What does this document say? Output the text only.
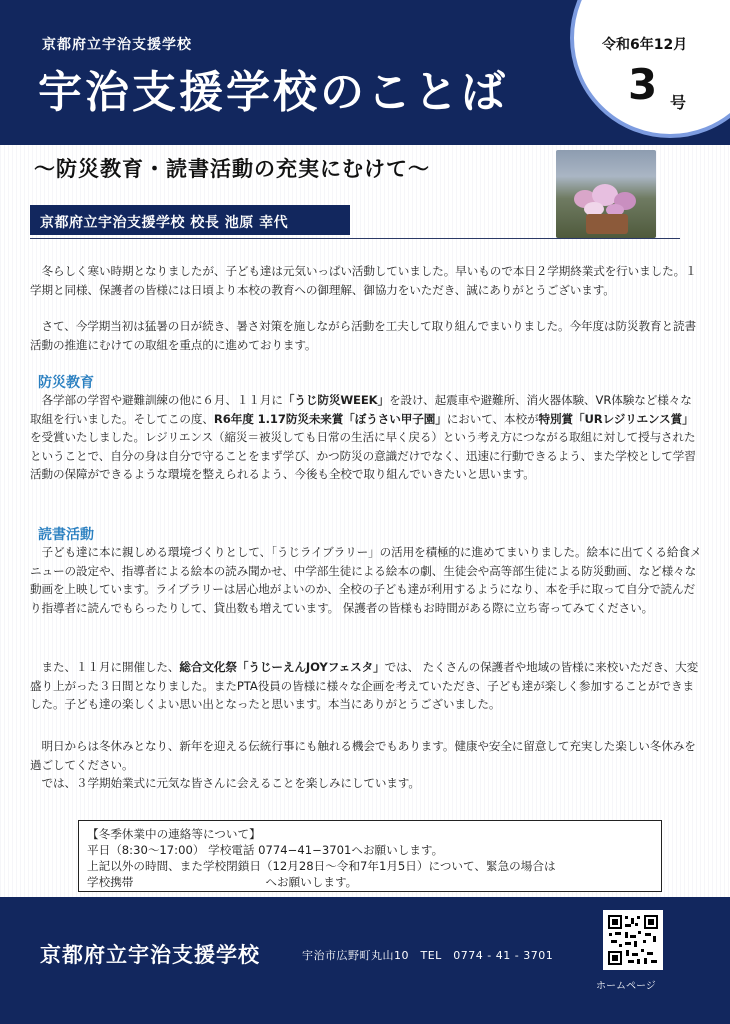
京都府立宇治支援学校
宇治支援学校のことば
令和6年12月
3 号
〜防災教育・読書活動の充実にむけて〜
京都府立宇治支援学校 校長 池原 幸代
　冬らしく寒い時期となりましたが、子ども達は元気いっぱい活動していました。早いもので本日２学期終業式を行いました。１学期と同様、保護者の皆様には日頃より本校の教育への御理解、御協力をいただき、誠にありがとうございます。
　さて、今学期当初は猛暑の日が続き、暑さ対策を施しながら活動を工夫して取り組んでまいりました。今年度は防災教育と読書活動の推進にむけての取組を重点的に進めております。
防災教育
　各学部の学習や避難訓練の他に６月、１１月に「うじ防災WEEK」を設け、起震車や避難所、消火器体験、VR体験など様々な取組を行いました。そしてこの度、R6年度 1.17防災未来賞「ぼうさい甲子園」において、本校が特別賞「URレジリエンス賞」を受賞いたしました。レジリエンス（縮災＝被災しても日常の生活に早く戻る）という考え方につながる取組に対して授与されたということで、自分の身は自分で守ることをまず学び、かつ防災の意識だけでなく、迅速に行動できるよう、また学校として学習活動の保障ができるような環境を整えられるよう、今後も全校で取り組んでいきたいと思います。
読書活動
　子ども達に本に親しめる環境づくりとして、「うじライブラリー」の活用を積極的に進めてまいりました。絵本に出てくる給食メニューの設定や、指導者による絵本の読み聞かせ、中学部生徒による絵本の劇、生徒会や高等部生徒による防災動画、など様々な動画を上映しています。ライブラリーは居心地がよいのか、全校の子ども達が利用するようになり、本を手に取って自分で読んだり指導者に読んでもらったりして、貸出数も増えています。 保護者の皆様もお時間がある際に立ち寄ってみてください。
　また、１１月に開催した、総合文化祭「うじーえんJOYフェスタ」では、 たくさんの保護者や地域の皆様に来校いただき、大変盛り上がった３日間となりました。またPTA役員の皆様に様々な企画を考えていただき、子ども達が楽しく参加することができました。子ども達の楽しくよい思い出となったと思います。本当にありがとうございました。
　明日からは冬休みとなり、新年を迎える伝統行事にも触れる機会でもあります。健康や安全に留意して充実した楽しい冬休みを過ごしてください。
　では、３学期始業式に元気な皆さんに会えることを楽しみにしています。
【冬季休業中の連絡等について】
平日（8:30〜17:00） 学校電話 0774−41−3701へお願いします。
上記以外の時間、また学校閉鎖日（12月28日〜令和7年1月5日）について、緊急の場合は
学校携帯	へお願いします。
京都府立宇治支援学校	宇治市広野町丸山10　TEL　0774 - 41 - 3701
ホームページ
